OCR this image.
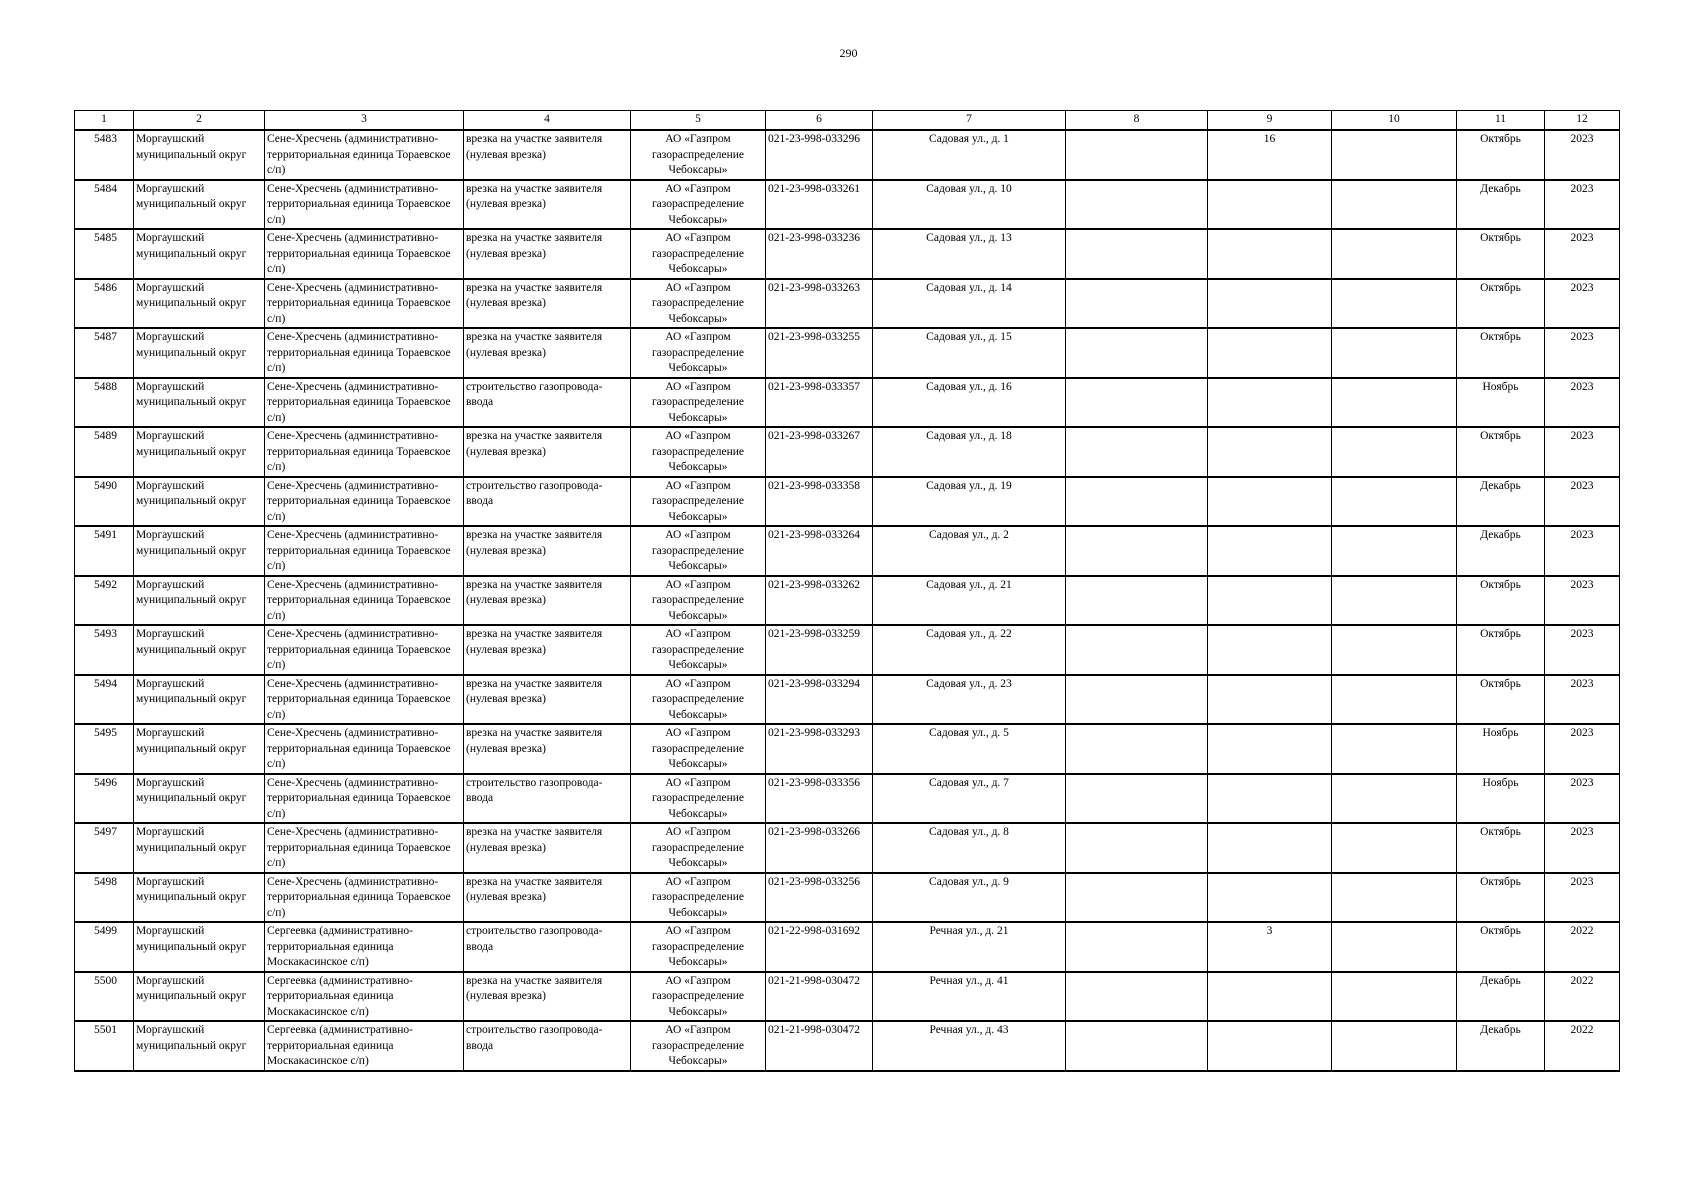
290
1	2	3	4	5	6	7	8	9	10	11	12
5483	Моргаушский муниципальный округ	Сене-Хресчень (административно-территориальная единица Тораевское с/п)	врезка на участке заявителя (нулевая врезка)	АО «Газпром газораспределение Чебоксары»	021-23-998-033296	Садовая ул., д. 1		16		Октябрь	2023
5484	Моргаушский муниципальный округ	Сене-Хресчень (административно-территориальная единица Тораевское с/п)	врезка на участке заявителя (нулевая врезка)	АО «Газпром газораспределение Чебоксары»	021-23-998-033261	Садовая ул., д. 10				Декабрь	2023
5485	Моргаушский муниципальный округ	Сене-Хресчень (административно-территориальная единица Тораевское с/п)	врезка на участке заявителя (нулевая врезка)	АО «Газпром газораспределение Чебоксары»	021-23-998-033236	Садовая ул., д. 13				Октябрь	2023
5486	Моргаушский муниципальный округ	Сене-Хресчень (административно-территориальная единица Тораевское с/п)	врезка на участке заявителя (нулевая врезка)	АО «Газпром газораспределение Чебоксары»	021-23-998-033263	Садовая ул., д. 14				Октябрь	2023
5487	Моргаушский муниципальный округ	Сене-Хресчень (административно-территориальная единица Тораевское с/п)	врезка на участке заявителя (нулевая врезка)	АО «Газпром газораспределение Чебоксары»	021-23-998-033255	Садовая ул., д. 15				Октябрь	2023
5488	Моргаушский муниципальный округ	Сене-Хресчень (административно-территориальная единица Тораевское с/п)	строительство газопровода-ввода	АО «Газпром газораспределение Чебоксары»	021-23-998-033357	Садовая ул., д. 16				Ноябрь	2023
5489	Моргаушский муниципальный округ	Сене-Хресчень (административно-территориальная единица Тораевское с/п)	врезка на участке заявителя (нулевая врезка)	АО «Газпром газораспределение Чебоксары»	021-23-998-033267	Садовая ул., д. 18				Октябрь	2023
5490	Моргаушский муниципальный округ	Сене-Хресчень (административно-территориальная единица Тораевское с/п)	строительство газопровода-ввода	АО «Газпром газораспределение Чебоксары»	021-23-998-033358	Садовая ул., д. 19				Декабрь	2023
5491	Моргаушский муниципальный округ	Сене-Хресчень (административно-территориальная единица Тораевское с/п)	врезка на участке заявителя (нулевая врезка)	АО «Газпром газораспределение Чебоксары»	021-23-998-033264	Садовая ул., д. 2				Декабрь	2023
5492	Моргаушский муниципальный округ	Сене-Хресчень (административно-территориальная единица Тораевское с/п)	врезка на участке заявителя (нулевая врезка)	АО «Газпром газораспределение Чебоксары»	021-23-998-033262	Садовая ул., д. 21				Октябрь	2023
5493	Моргаушский муниципальный округ	Сене-Хресчень (административно-территориальная единица Тораевское с/п)	врезка на участке заявителя (нулевая врезка)	АО «Газпром газораспределение Чебоксары»	021-23-998-033259	Садовая ул., д. 22				Октябрь	2023
5494	Моргаушский муниципальный округ	Сене-Хресчень (административно-территориальная единица Тораевское с/п)	врезка на участке заявителя (нулевая врезка)	АО «Газпром газораспределение Чебоксары»	021-23-998-033294	Садовая ул., д. 23				Октябрь	2023
5495	Моргаушский муниципальный округ	Сене-Хресчень (административно-территориальная единица Тораевское с/п)	врезка на участке заявителя (нулевая врезка)	АО «Газпром газораспределение Чебоксары»	021-23-998-033293	Садовая ул., д. 5				Ноябрь	2023
5496	Моргаушский муниципальный округ	Сене-Хресчень (административно-территориальная единица Тораевское с/п)	строительство газопровода-ввода	АО «Газпром газораспределение Чебоксары»	021-23-998-033356	Садовая ул., д. 7				Ноябрь	2023
5497	Моргаушский муниципальный округ	Сене-Хресчень (административно-территориальная единица Тораевское с/п)	врезка на участке заявителя (нулевая врезка)	АО «Газпром газораспределение Чебоксары»	021-23-998-033266	Садовая ул., д. 8				Октябрь	2023
5498	Моргаушский муниципальный округ	Сене-Хресчень (административно-территориальная единица Тораевское с/п)	врезка на участке заявителя (нулевая врезка)	АО «Газпром газораспределение Чебоксары»	021-23-998-033256	Садовая ул., д. 9				Октябрь	2023
5499	Моргаушский муниципальный округ	Сергеевка (административно-территориальная единица Москакасинское с/п)	строительство газопровода-ввода	АО «Газпром газораспределение Чебоксары»	021-22-998-031692	Речная ул., д. 21		3		Октябрь	2022
5500	Моргаушский муниципальный округ	Сергеевка (административно-территориальная единица Москакасинское с/п)	врезка на участке заявителя (нулевая врезка)	АО «Газпром газораспределение Чебоксары»	021-21-998-030472	Речная ул., д. 41				Декабрь	2022
5501	Моргаушский муниципальный округ	Сергеевка (административно-территориальная единица Москакасинское с/п)	строительство газопровода-ввода	АО «Газпром газораспределение Чебоксары»	021-21-998-030472	Речная ул., д. 43				Декабрь	2022
